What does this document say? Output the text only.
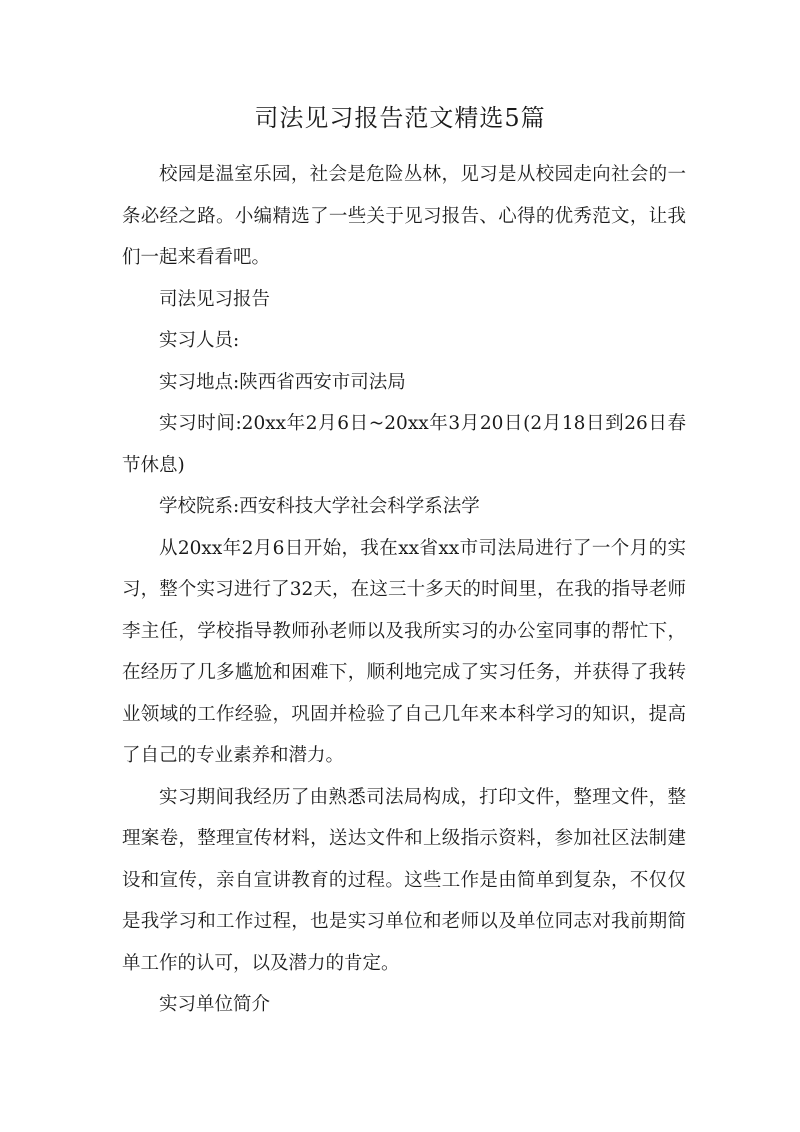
司法见习报告范文精选5篇

校园是温室乐园，社会是危险丛林，见习是从校园走向社会的一条必经之路。小编精选了一些关于见习报告、心得的优秀范文，让我们一起来看看吧。

司法见习报告

实习人员:

实习地点:陕西省西安市司法局

实习时间:20xx年2月6日~20xx年3月20日(2月18日到26日春节休息)

学校院系:西安科技大学社会科学系法学

从20xx年2月6日开始，我在xx省xx市司法局进行了一个月的实习，整个实习进行了32天，在这三十多天的时间里，在我的指导老师李主任，学校指导教师孙老师以及我所实习的办公室同事的帮忙下，在经历了几多尴尬和困难下，顺利地完成了实习任务，并获得了我转业领域的工作经验，巩固并检验了自己几年来本科学习的知识，提高了自己的专业素养和潜力。

实习期间我经历了由熟悉司法局构成，打印文件，整理文件，整理案卷，整理宣传材料，送达文件和上级指示资料，参加社区法制建设和宣传，亲自宣讲教育的过程。这些工作是由简单到复杂，不仅仅是我学习和工作过程，也是实习单位和老师以及单位同志对我前期简单工作的认可，以及潜力的肯定。

实习单位简介
